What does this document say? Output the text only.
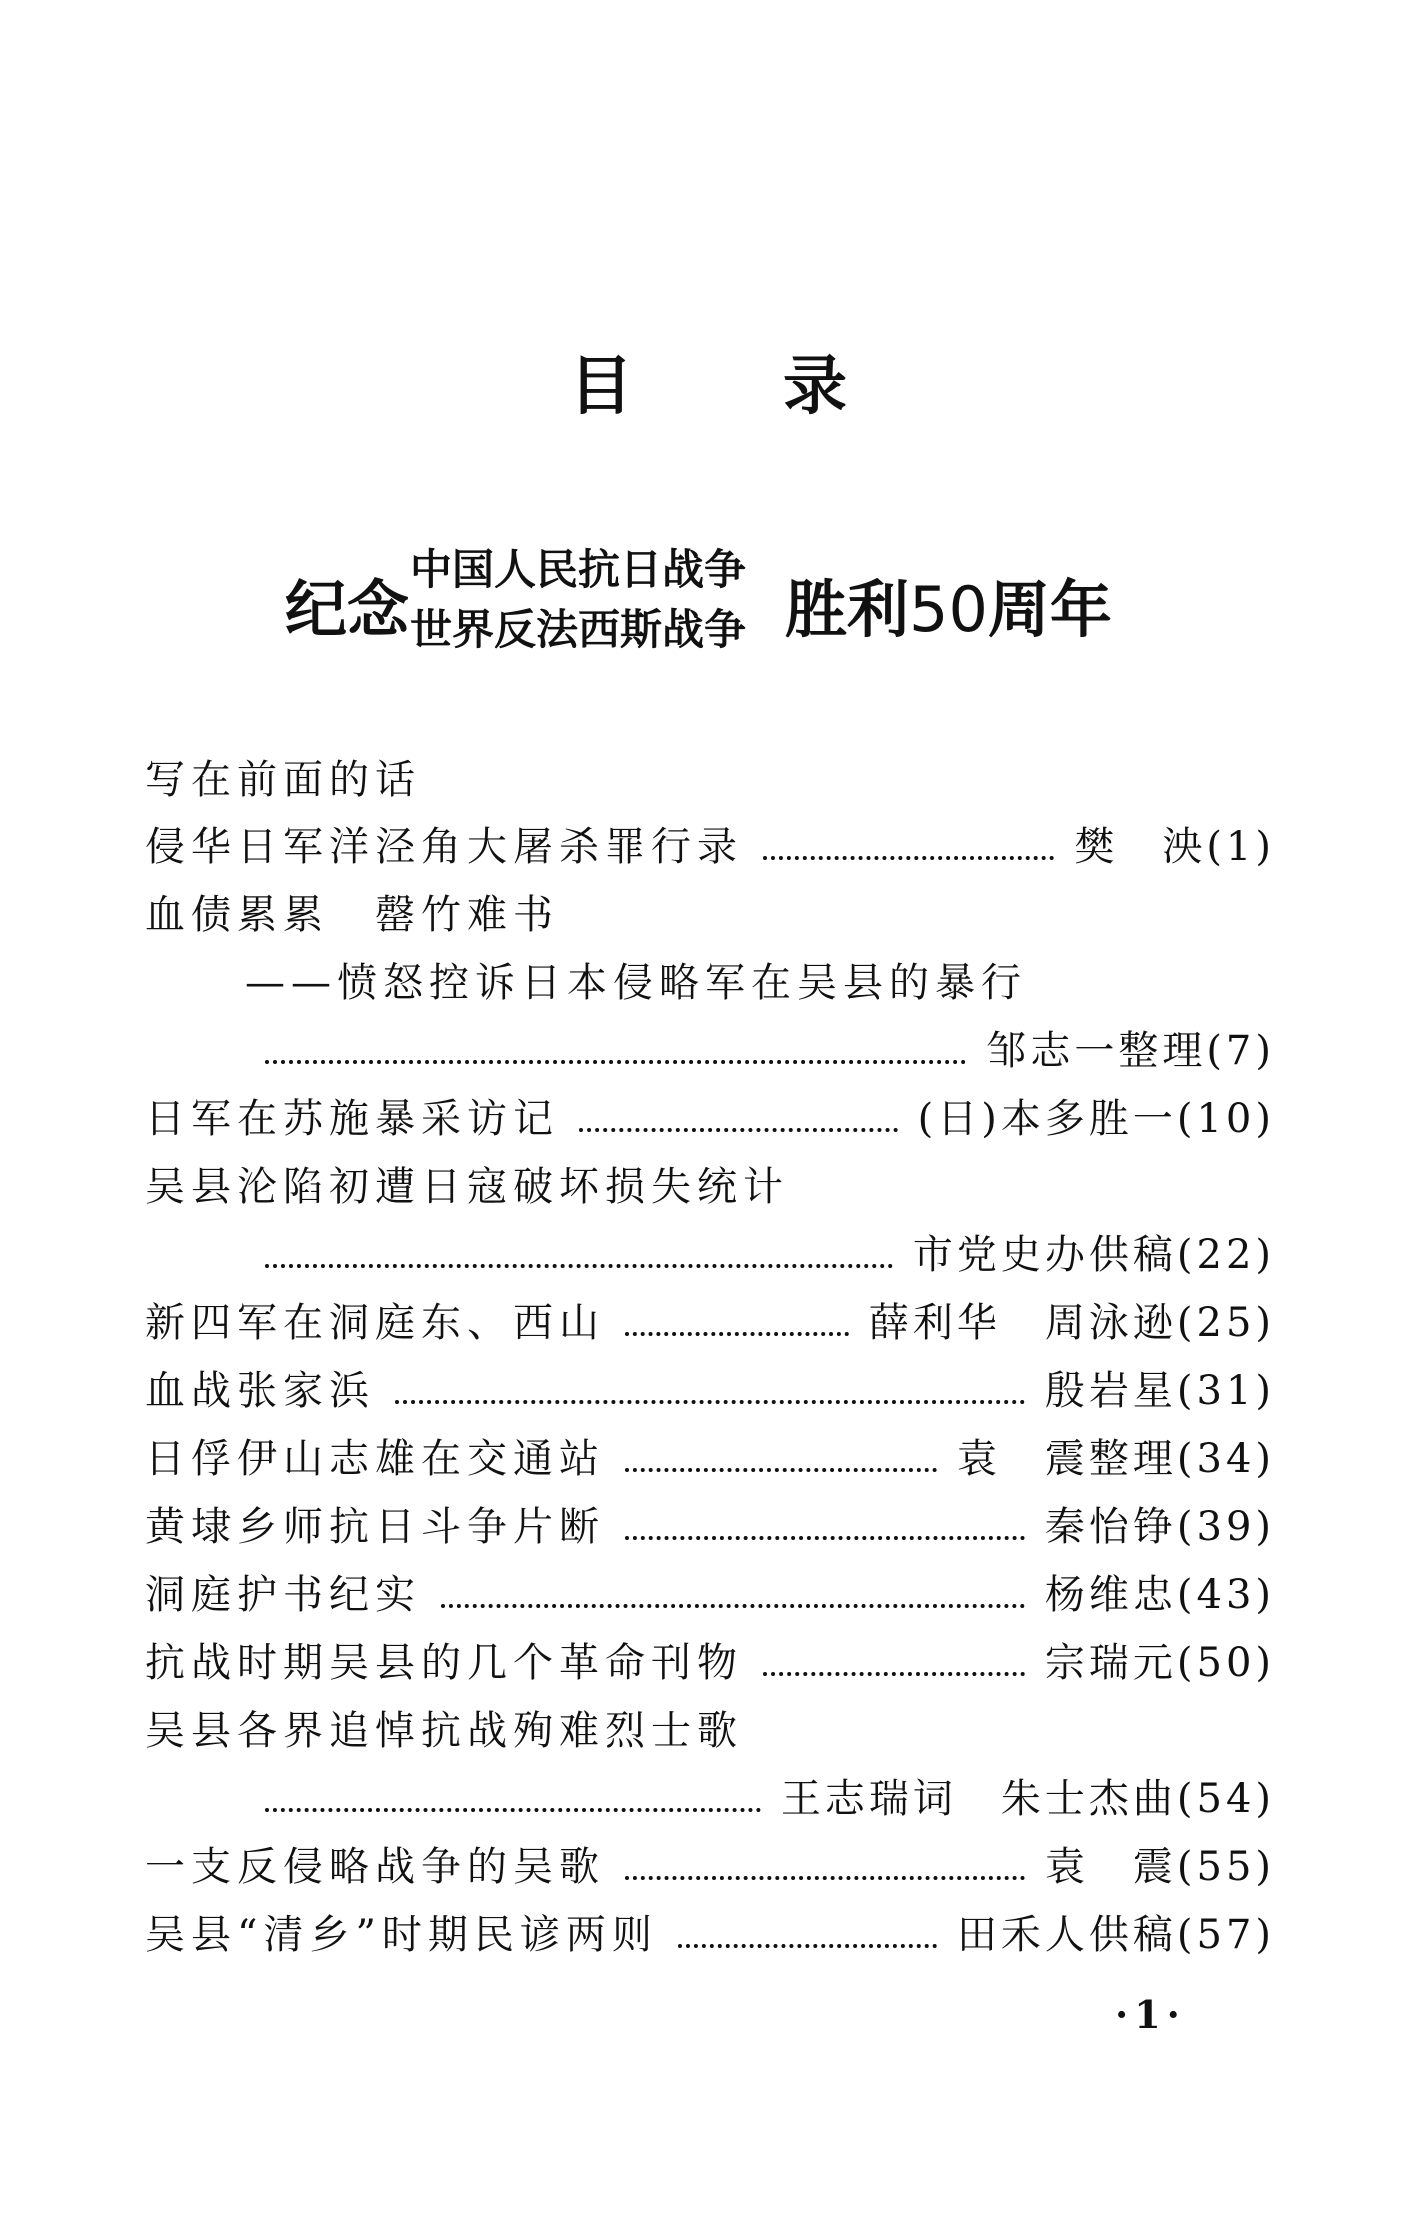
目 录
纪念
中国人民抗日战争
世界反法西斯战争 胜利50周年
写在前面的话
侵华日军洋泾角大屠杀罪行录	樊　泱(1)
血债累累　罄竹难书
——愤怒控诉日本侵略军在吴县的暴行
邹志一整理(7)
日军在苏施暴采访记	(日)本多胜一(10)
吴县沦陷初遭日寇破坏损失统计
市党史办供稿(22)
新四军在洞庭东、西山	薛利华　周泳逊(25)
血战张家浜	殷岩星(31)
日俘伊山志雄在交通站	袁　震整理(34)
黄埭乡师抗日斗争片断	秦怡铮(39)
洞庭护书纪实	杨维忠(43)
抗战时期吴县的几个革命刊物	宗瑞元(50)
吴县各界追悼抗战殉难烈士歌
王志瑞词　朱士杰曲(54)
一支反侵略战争的吴歌	袁　震(55)
吴县“清乡”时期民谚两则	田禾人供稿(57)
·1·
